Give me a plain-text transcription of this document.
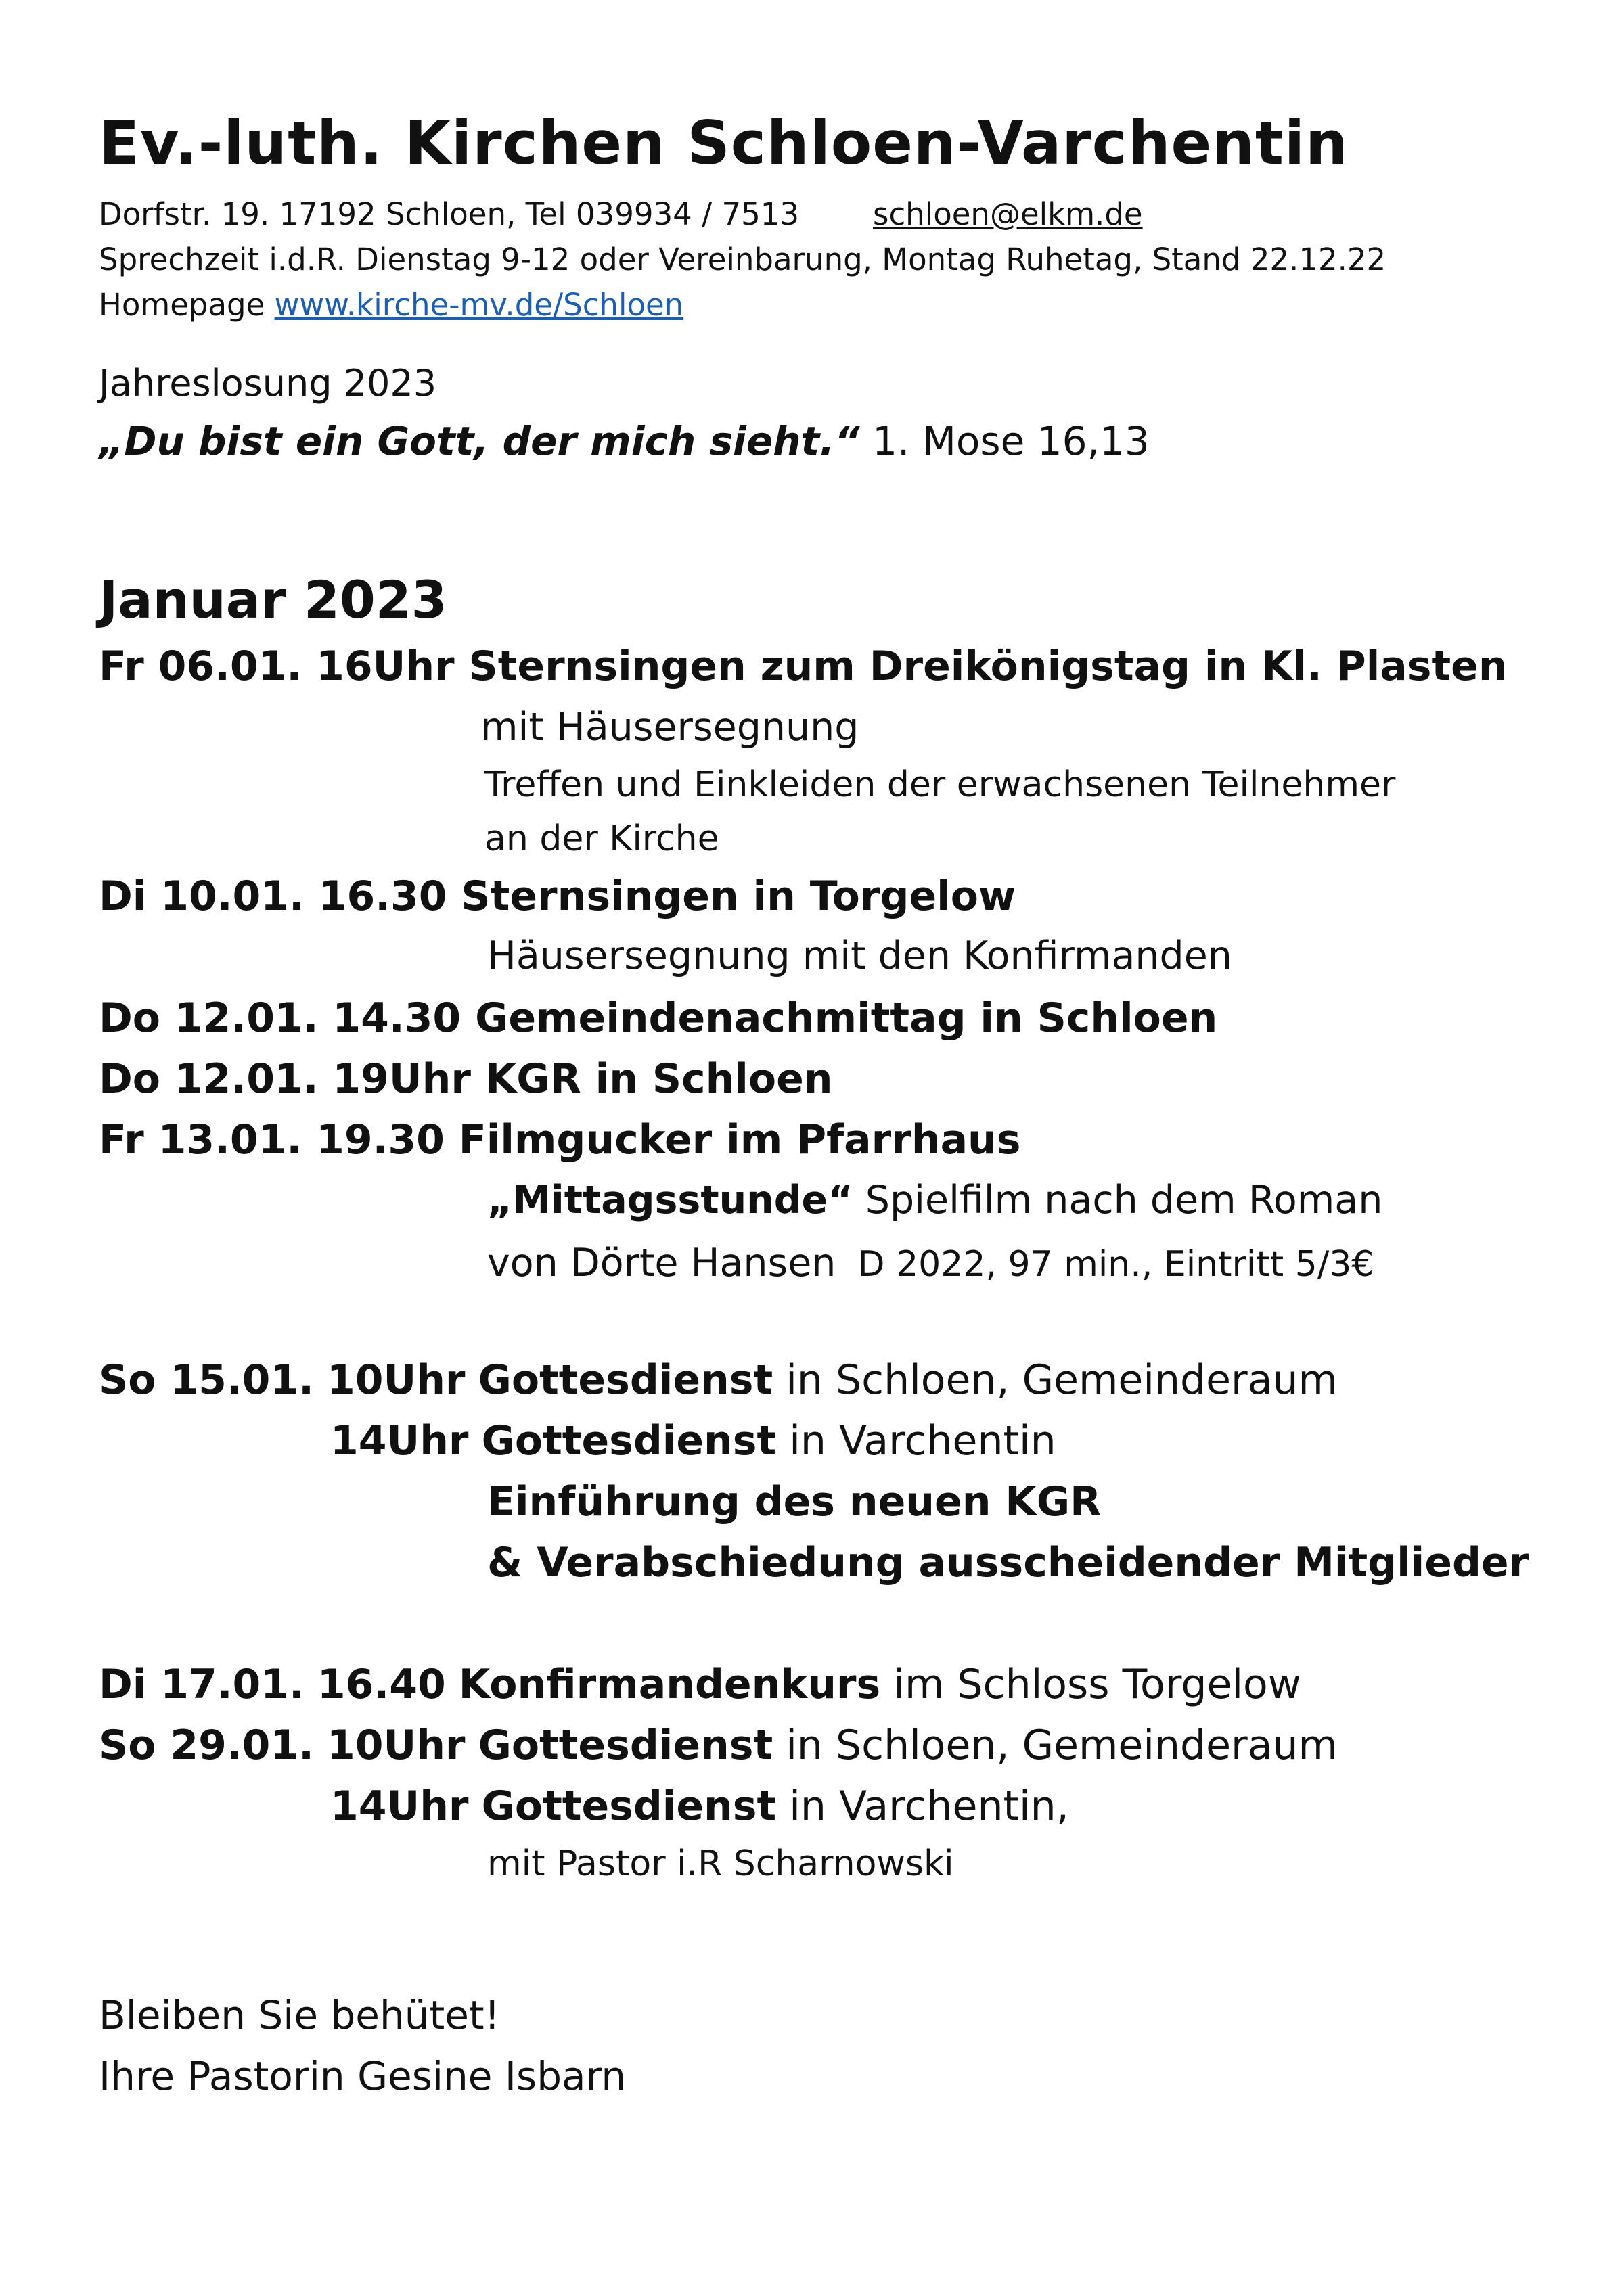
Ev.-luth. Kirchen Schloen-Varchentin
Dorfstr. 19. 17192 Schloen, Tel 039934 / 7513 schloen@elkm.de
Sprechzeit i.d.R. Dienstag 9-12 oder Vereinbarung, Montag Ruhetag, Stand 22.12.22
Homepage www.kirche-mv.de/Schloen
Jahreslosung 2023
„Du bist ein Gott, der mich sieht.“ 1. Mose 16,13
Januar 2023
Fr 06.01. 16Uhr Sternsingen zum Dreikönigstag in Kl. Plasten
mit Häusersegnung
Treffen und Einkleiden der erwachsenen Teilnehmer
an der Kirche
Di 10.01. 16.30 Sternsingen in Torgelow
Häusersegnung mit den Konfirmanden
Do 12.01. 14.30 Gemeindenachmittag in Schloen
Do 12.01. 19Uhr KGR in Schloen
Fr 13.01. 19.30 Filmgucker im Pfarrhaus
„Mittagsstunde“ Spielfilm nach dem Roman
von Dörte Hansen D 2022, 97 min., Eintritt 5/3€
So 15.01. 10Uhr Gottesdienst in Schloen, Gemeinderaum
14Uhr Gottesdienst in Varchentin
Einführung des neuen KGR
& Verabschiedung ausscheidender Mitglieder
Di 17.01. 16.40 Konfirmandenkurs im Schloss Torgelow
So 29.01. 10Uhr Gottesdienst in Schloen, Gemeinderaum
14Uhr Gottesdienst in Varchentin,
mit Pastor i.R Scharnowski
Bleiben Sie behütet!
Ihre Pastorin Gesine Isbarn
